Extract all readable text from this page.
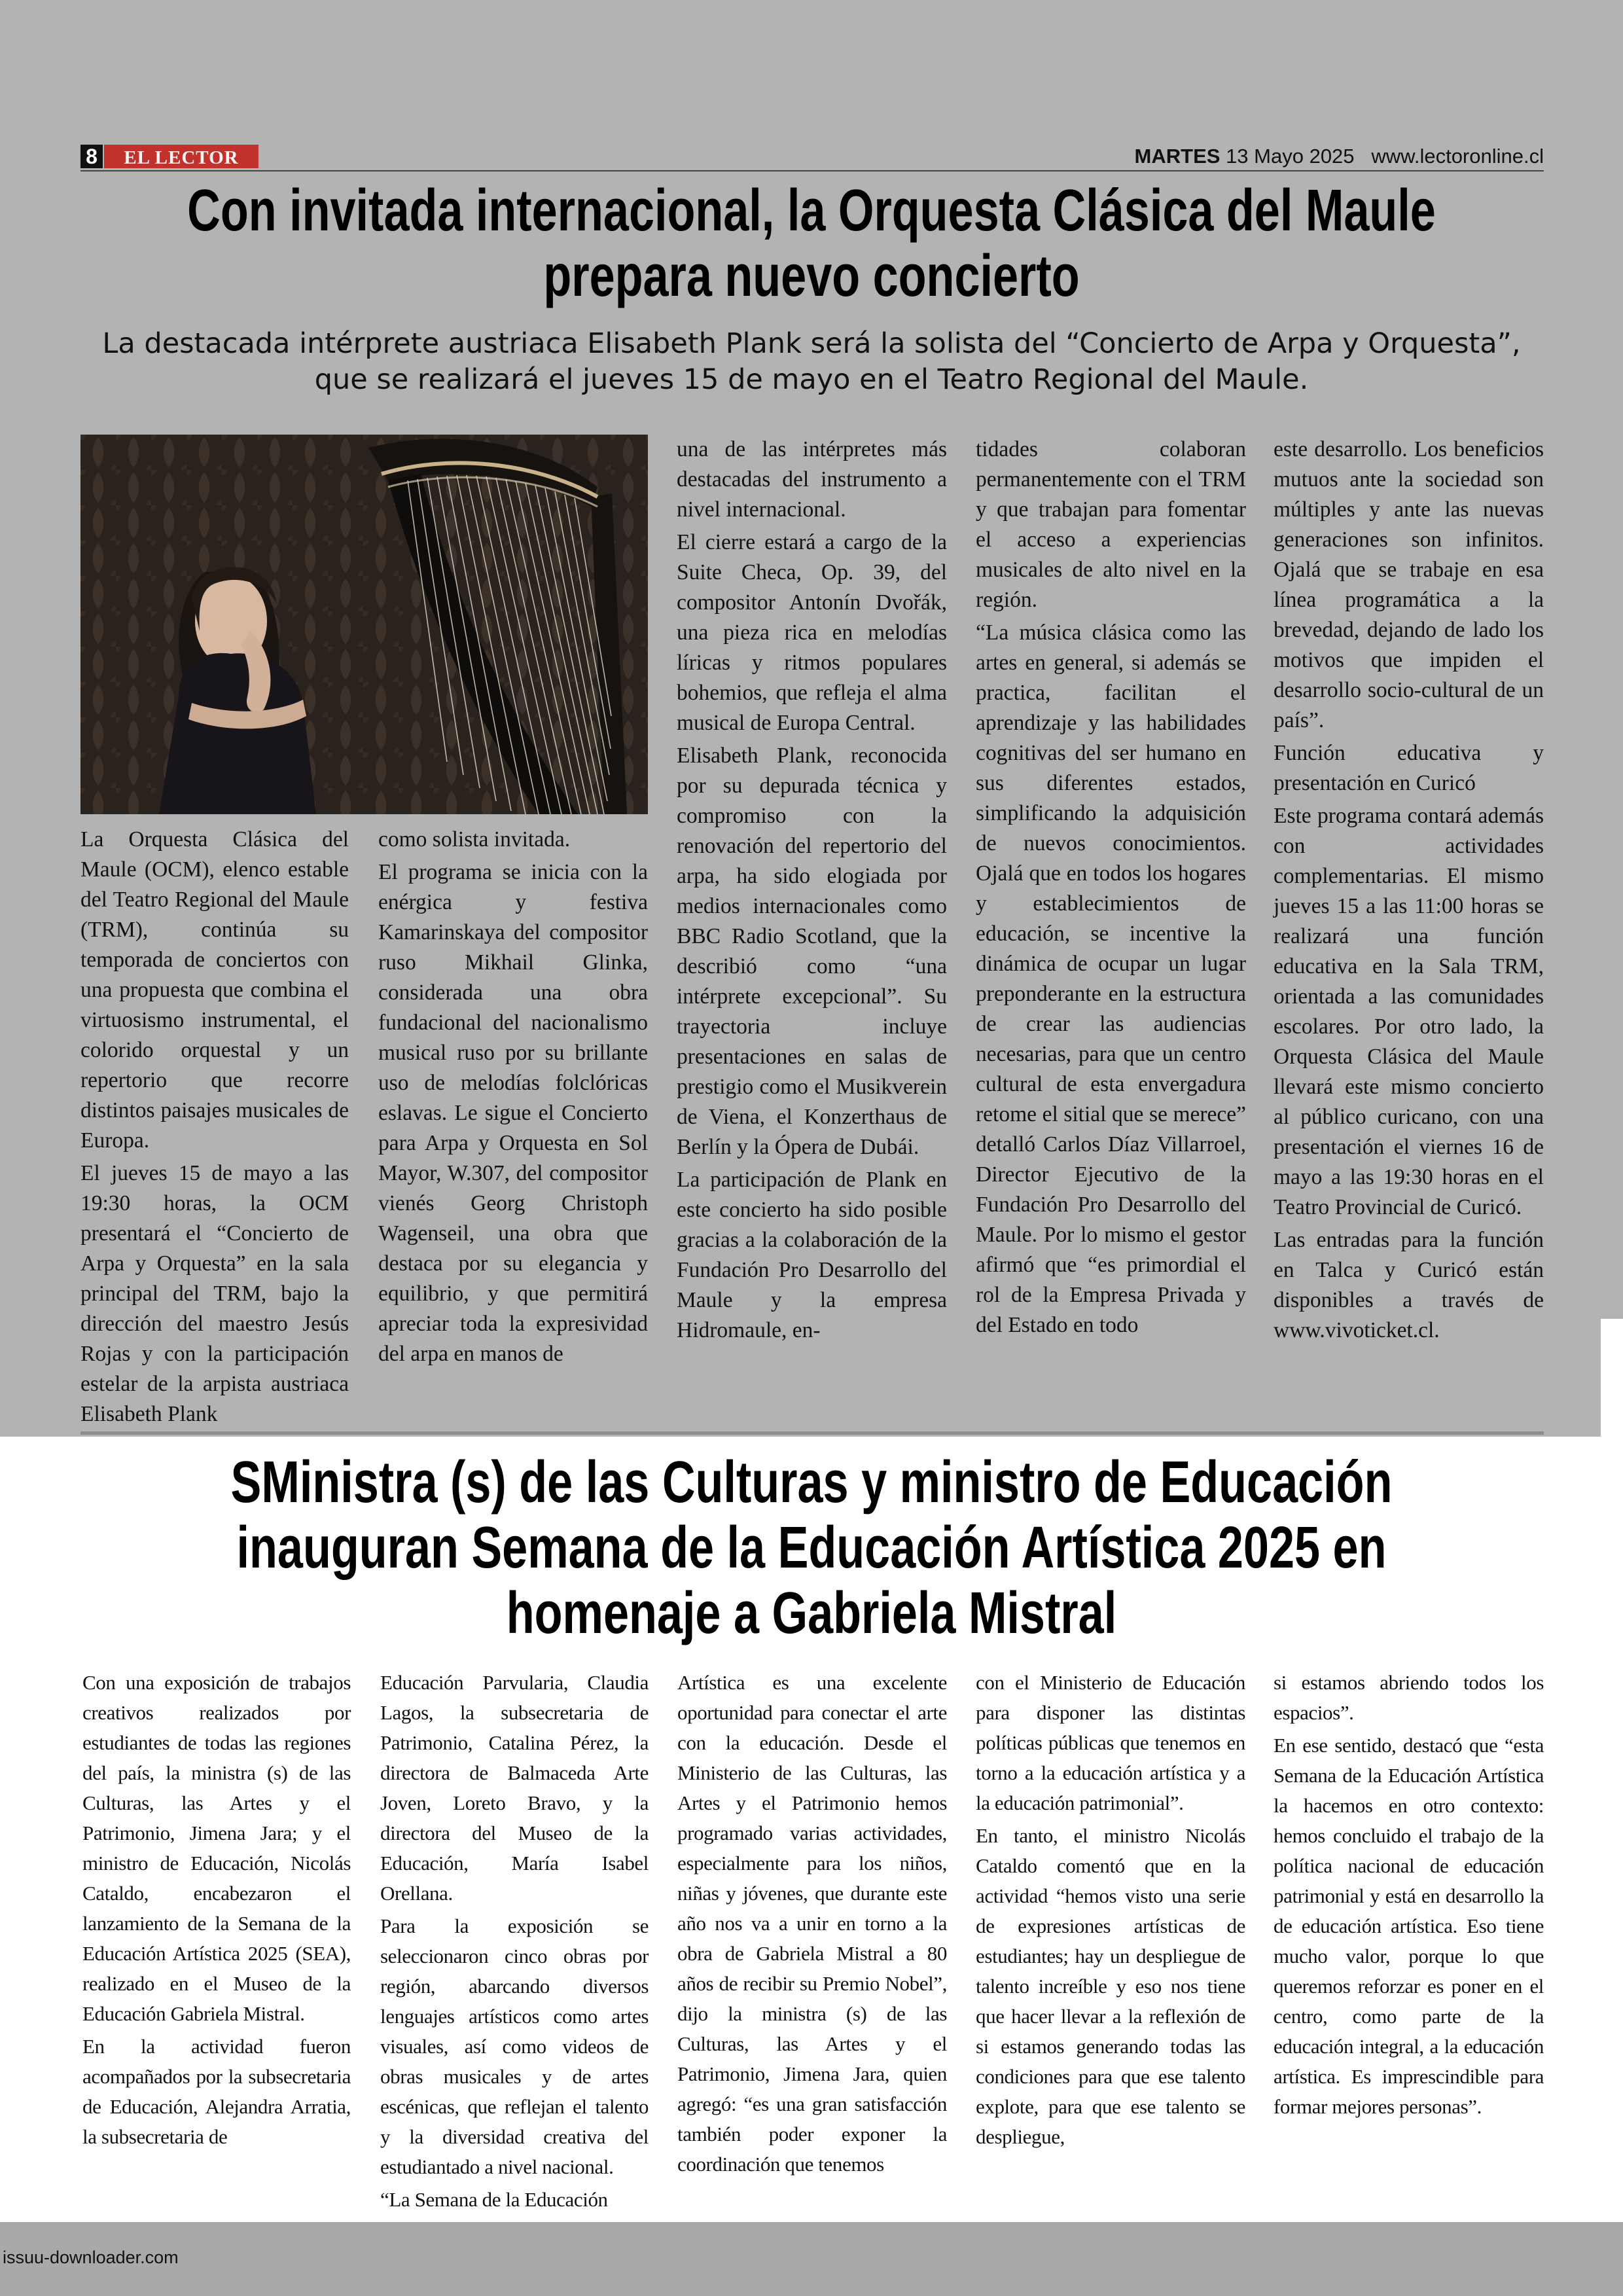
8	EL LECTOR	MARTES 13 Mayo 2025 www.lectoronline.cl
Con invitada internacional, la Orquesta Clásica del Maule prepara nuevo concierto

La destacada intérprete austriaca Elisabeth Plank será la solista del “Concierto de Arpa y Orquesta”, que se realizará el jueves 15 de mayo en el Teatro Regional del Maule.

La Orquesta Clásica del Maule (OCM), elenco estable del Teatro Regional del Maule (TRM), continúa su temporada de conciertos con una propuesta que combina el virtuosismo instrumental, el colorido orquestal y un repertorio que recorre distintos paisajes musicales de Europa.

El jueves 15 de mayo a las 19:30 horas, la OCM presentará el “Concierto de Arpa y Orquesta” en la sala principal del TRM, bajo la dirección del maestro Jesús Rojas y con la participación estelar de la arpista austriaca Elisabeth Plank

como solista invitada.

El programa se inicia con la enérgica y festiva Kamarinskaya del compositor ruso Mikhail Glinka, considerada una obra fundacional del nacionalismo musical ruso por su brillante uso de melodías folclóricas eslavas. Le sigue el Concierto para Arpa y Orquesta en Sol Mayor, W.307, del compositor vienés Georg Christoph Wagenseil, una obra que destaca por su elegancia y equilibrio, y que permitirá apreciar toda la expresividad del arpa en manos de

una de las intérpretes más destacadas del instrumento a nivel internacional.

El cierre estará a cargo de la Suite Checa, Op. 39, del compositor Antonín Dvořák, una pieza rica en melodías líricas y ritmos populares bohemios, que refleja el alma musical de Europa Central.

Elisabeth Plank, reconocida por su depurada técnica y compromiso con la renovación del repertorio del arpa, ha sido elogiada por medios internacionales como BBC Radio Scotland, que la describió como “una intérprete excepcional”. Su trayectoria incluye presentaciones en salas de prestigio como el Musikverein de Viena, el Konzerthaus de Berlín y la Ópera de Dubái.

La participación de Plank en este concierto ha sido posible gracias a la colaboración de la Fundación Pro Desarrollo del Maule y la empresa Hidromaule, en-

tidades colaboran permanentemente con el TRM y que trabajan para fomentar el acceso a experiencias musicales de alto nivel en la región.

“La música clásica como las artes en general, si además se practica, facilitan el aprendizaje y las habilidades cognitivas del ser humano en sus diferentes estados, simplificando la adquisición de nuevos conocimientos. Ojalá que en todos los hogares y establecimientos de educación, se incentive la dinámica de ocupar un lugar preponderante en la estructura de crear las audiencias necesarias, para que un centro cultural de esta envergadura retome el sitial que se merece” detalló Carlos Díaz Villarroel, Director Ejecutivo de la Fundación Pro Desarrollo del Maule. Por lo mismo el gestor afirmó que “es primordial el rol de la Empresa Privada y del Estado en todo

este desarrollo. Los beneficios mutuos ante la sociedad son múltiples y ante las nuevas generaciones son infinitos. Ojalá que se trabaje en esa línea programática a la brevedad, dejando de lado los motivos que impiden el desarrollo socio-cultural de un país”.

Función educativa y presentación en Curicó

Este programa contará además con actividades complementarias. El mismo jueves 15 a las 11:00 horas se realizará una función educativa en la Sala TRM, orientada a las comunidades escolares. Por otro lado, la Orquesta Clásica del Maule llevará este mismo concierto al público curicano, con una presentación el viernes 16 de mayo a las 19:30 horas en el Teatro Provincial de Curicó.

Las entradas para la función en Talca y Curicó están disponibles a través de www.vivoticket.cl.

SMinistra (s) de las Culturas y ministro de Educación inauguran Semana de la Educación Artística 2025 en homenaje a Gabriela Mistral

Con una exposición de trabajos creativos realizados por estudiantes de todas las regiones del país, la ministra (s) de las Culturas, las Artes y el Patrimonio, Jimena Jara; y el ministro de Educación, Nicolás Cataldo, encabezaron el lanzamiento de la Semana de la Educación Artística 2025 (SEA), realizado en el Museo de la Educación Gabriela Mistral.

En la actividad fueron acompañados por la subsecretaria de Educación, Alejandra Arratia, la subsecretaria de

Educación Parvularia, Claudia Lagos, la subsecretaria de Patrimonio, Catalina Pérez, la directora de Balmaceda Arte Joven, Loreto Bravo, y la directora del Museo de la Educación, María Isabel Orellana.

Para la exposición se seleccionaron cinco obras por región, abarcando diversos lenguajes artísticos como artes visuales, así como videos de obras musicales y de artes escénicas, que reflejan el talento y la diversidad creativa del estudiantado a nivel nacional.

“La Semana de la Educación

Artística es una excelente oportunidad para conectar el arte con la educación. Desde el Ministerio de las Culturas, las Artes y el Patrimonio hemos programado varias actividades, especialmente para los niños, niñas y jóvenes, que durante este año nos va a unir en torno a la obra de Gabriela Mistral a 80 años de recibir su Premio Nobel”, dijo la ministra (s) de las Culturas, las Artes y el Patrimonio, Jimena Jara, quien agregó: “es una gran satisfacción también poder exponer la coordinación que tenemos

con el Ministerio de Educación para disponer las distintas políticas públicas que tenemos en torno a la educación artística y a la educación patrimonial”.

En tanto, el ministro Nicolás Cataldo comentó que en la actividad “hemos visto una serie de expresiones artísticas de estudiantes; hay un despliegue de talento increíble y eso nos tiene que hacer llevar a la reflexión de si estamos generando todas las condiciones para que ese talento explote, para que ese talento se despliegue,

si estamos abriendo todos los espacios”.

En ese sentido, destacó que “esta Semana de la Educación Artística la hacemos en otro contexto: hemos concluido el trabajo de la política nacional de educación patrimonial y está en desarrollo la de educación artística. Eso tiene mucho valor, porque lo que queremos reforzar es poner en el centro, como parte de la educación integral, a la educación artística. Es imprescindible para formar mejores personas”.

issuu-downloader.com
